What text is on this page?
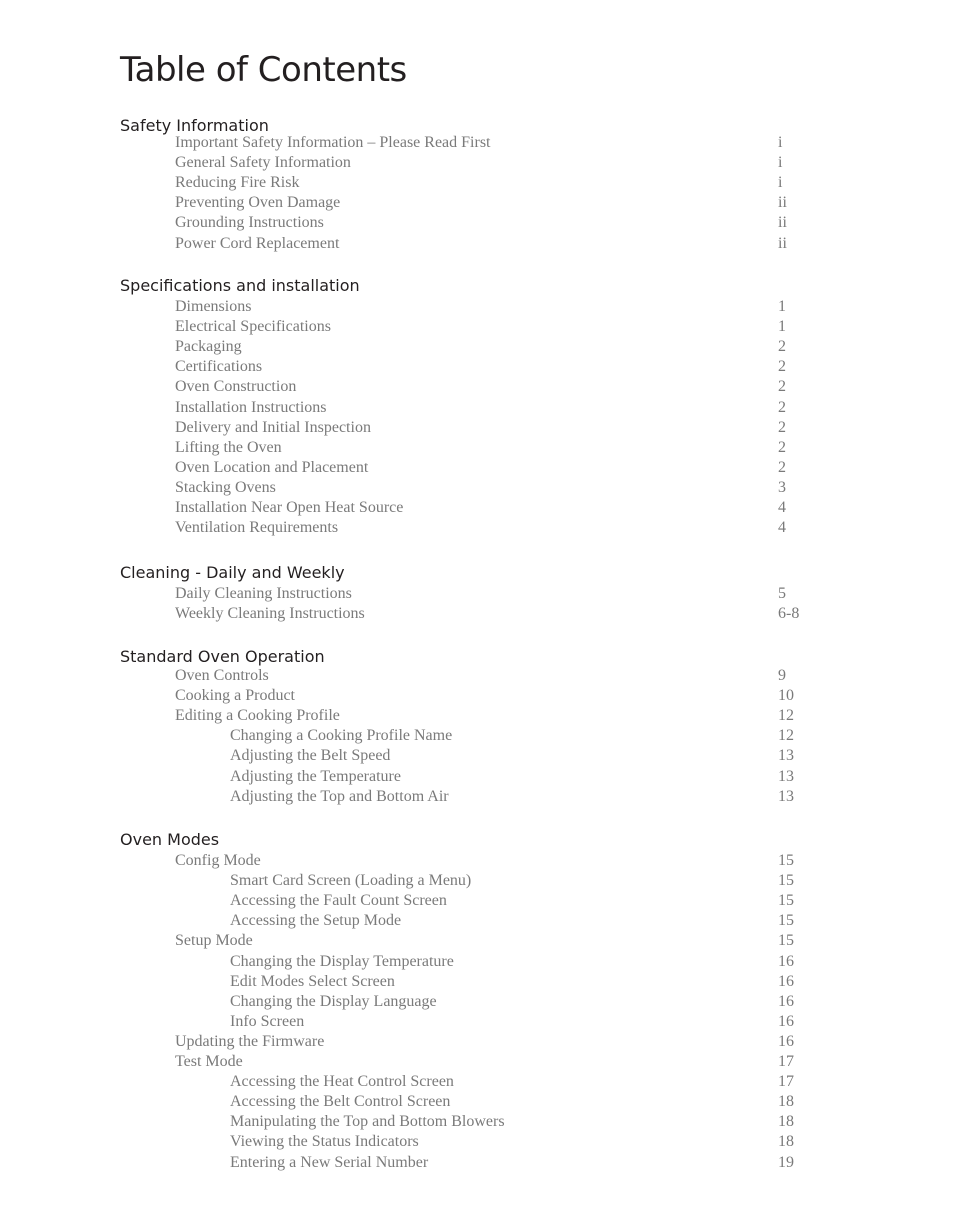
Table of Contents
Safety Information
Important Safety Information – Please Read First	i
General Safety Information	i
Reducing Fire Risk	i
Preventing Oven Damage	ii
Grounding Instructions	ii
Power Cord Replacement	ii
Specifications and installation
Dimensions	1
Electrical Specifications	1
Packaging	2
Certifications	2
Oven Construction	2
Installation Instructions	2
Delivery and Initial Inspection	2
Lifting the Oven	2
Oven Location and Placement	2
Stacking Ovens	3
Installation Near Open Heat Source	4
Ventilation Requirements	4
Cleaning - Daily and Weekly
Daily Cleaning Instructions	5
Weekly Cleaning Instructions	6-8
Standard Oven Operation
Oven Controls	9
Cooking a Product	10
Editing a Cooking Profile	12
Changing a Cooking Profile Name	12
Adjusting the Belt Speed	13
Adjusting the Temperature	13
Adjusting the Top and Bottom Air	13
Oven Modes
Config Mode	15
Smart Card Screen (Loading a Menu)	15
Accessing the Fault Count Screen	15
Accessing the Setup Mode	15
Setup Mode	15
Changing the Display Temperature	16
Edit Modes Select Screen	16
Changing the Display Language	16
Info Screen	16
Updating the Firmware	16
Test Mode	17
Accessing the Heat Control Screen	17
Accessing the Belt Control Screen	18
Manipulating the Top and Bottom Blowers	18
Viewing the Status Indicators	18
Entering a New Serial Number	19
